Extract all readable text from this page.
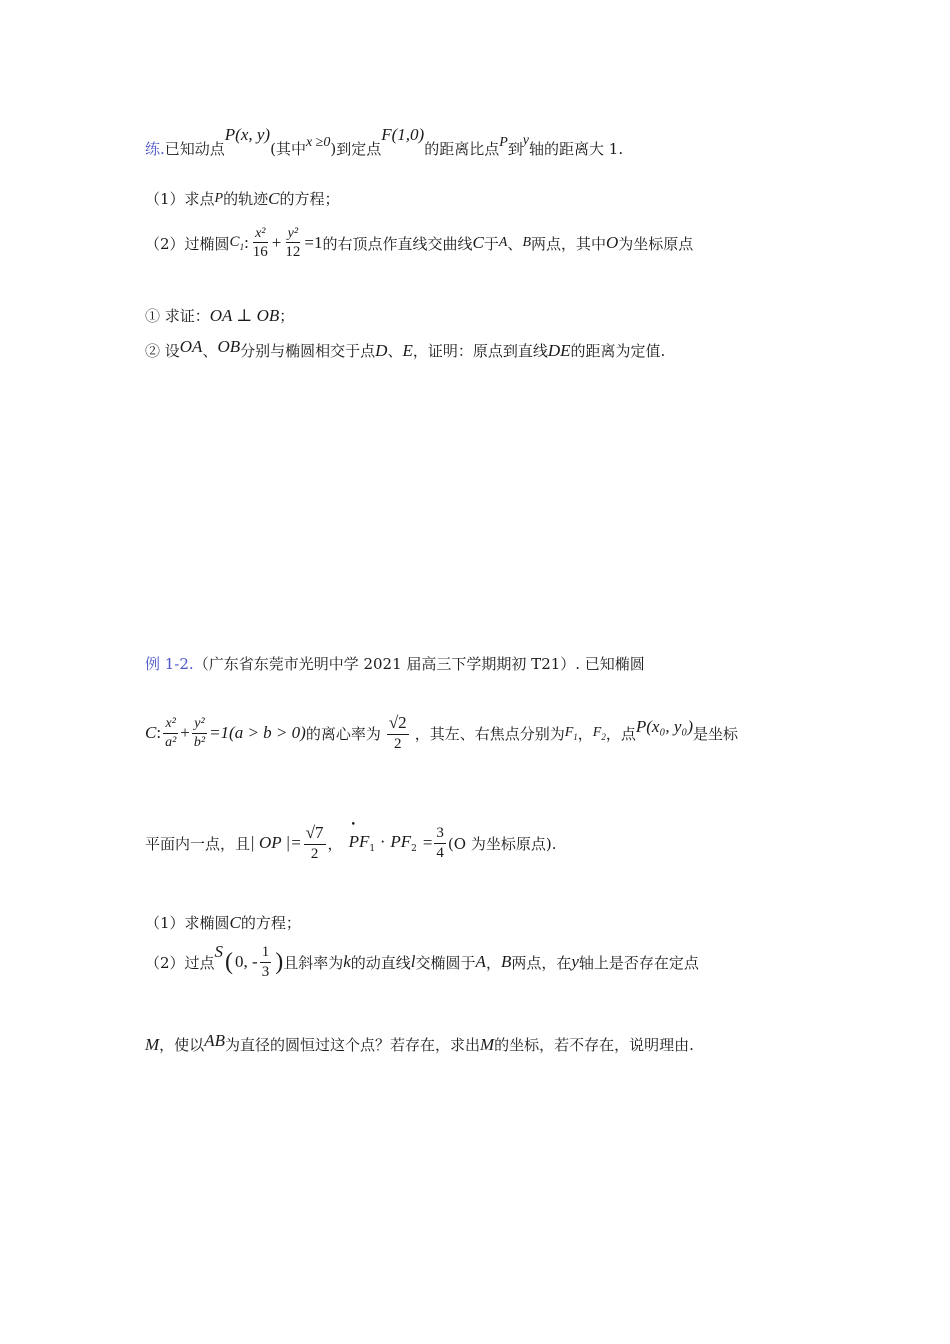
练. 已知动点
P(x, y)
(其中 x ≥0 )到定点
F(1,0)
的距离比点 P 到 y 轴的距离大 1.
（1）求点 P 的轨迹 C 的方程；
（2）过椭圆 $C_1$ : $\frac{\text{x²}}{16} + \frac{\text{y²}}{12} =1$ 的右顶点作直线交曲线 C 于 A 、 B 两点，其中 O 为坐标原点
① 求证： OA ⊥ OB ；
② 设 OA 、 OB 分别与椭圆相交于点 D 、 E ，证明：原点到直线 DE 的距离为定值.
例 1-2. （广东省东莞市光明中学 2021 届高三下学期期初 T21）. 已知椭圆
C : $\frac{\text{x²}}{\text{a²}} + \frac{\text{y²}}{\text{b²}} =1(a > b > 0)$ 的离心率为 $\frac{√2}{2}$ ，其左、右焦点分别为 $F_1$ ， $F_2$ ，点 P(x₀, y₀) 是坐标
平面内一点，且 | OP |= $\frac{√7}{2}$ ，
•
$PF_1 \cdot PF_2 = \frac{3}{4} (O$ 为坐标原点).
（1）求椭圆 C 的方程；
（2）过点
S ( 0, - $\frac{1}{3}$ ) 且斜率为 k 的动直线 l 交椭圆于 A ， B 两点，在 y 轴上是否存在定点
M ，使以 AB 为直径的圆恒过这个点？若存在，求出 M 的坐标，若不存在，说明理由.
